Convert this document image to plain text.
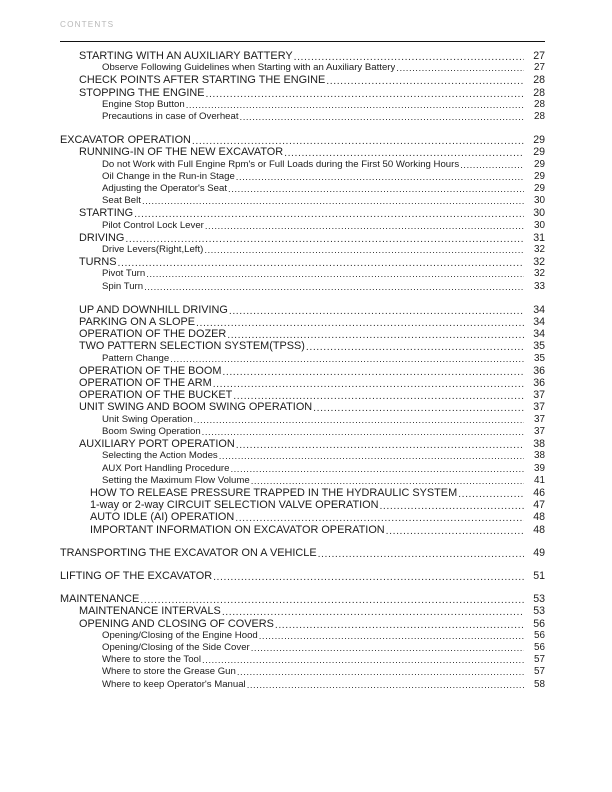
CONTENTS
STARTING WITH AN AUXILIARY BATTERY .....	27
Observe Following Guidelines when Starting with an Auxiliary Battery .....	27
CHECK POINTS AFTER STARTING THE ENGINE .....	28
STOPPING THE ENGINE .....	28
Engine Stop Button .....	28
Precautions in case of Overheat .....	28
EXCAVATOR OPERATION .....	29
RUNNING-IN OF THE NEW EXCAVATOR .....	29
Do not Work with Full Engine Rpm's or Full Loads during the First 50 Working Hours .....	29
Oil Change in the Run-in Stage .....	29
Adjusting the Operator's Seat .....	29
Seat Belt .....	30
STARTING .....	30
Pilot Control Lock Lever .....	30
DRIVING .....	31
Drive Levers(Right,Left) .....	32
TURNS .....	32
Pivot Turn .....	32
Spin Turn .....	33
UP AND DOWNHILL DRIVING .....	34
PARKING ON A SLOPE .....	34
OPERATION OF THE DOZER .....	34
TWO PATTERN SELECTION SYSTEM(TPSS) .....	35
Pattern Change .....	35
OPERATION OF THE BOOM .....	36
OPERATION OF THE ARM .....	36
OPERATION OF THE BUCKET .....	37
UNIT SWING AND BOOM SWING OPERATION .....	37
Unit Swing Operation .....	37
Boom Swing Operation .....	37
AUXILIARY PORT OPERATION .....	38
Selecting the Action Modes .....	38
AUX Port Handling Procedure .....	39
Setting the Maximum Flow Volume .....	41
HOW TO RELEASE PRESSURE TRAPPED IN THE HYDRAULIC SYSTEM .....	46
1-way or 2-way CIRCUIT SELECTION VALVE OPERATION .....	47
AUTO IDLE (AI) OPERATION .....	48
IMPORTANT INFORMATION ON EXCAVATOR OPERATION .....	48
TRANSPORTING THE EXCAVATOR ON A VEHICLE .....	49
LIFTING OF THE EXCAVATOR .....	51
MAINTENANCE .....	53
MAINTENANCE INTERVALS .....	53
OPENING AND CLOSING OF COVERS .....	56
Opening/Closing of the Engine Hood .....	56
Opening/Closing of the Side Cover .....	56
Where to store the Tool .....	57
Where to store the Grease Gun .....	57
Where to keep Operator's Manual .....	58
